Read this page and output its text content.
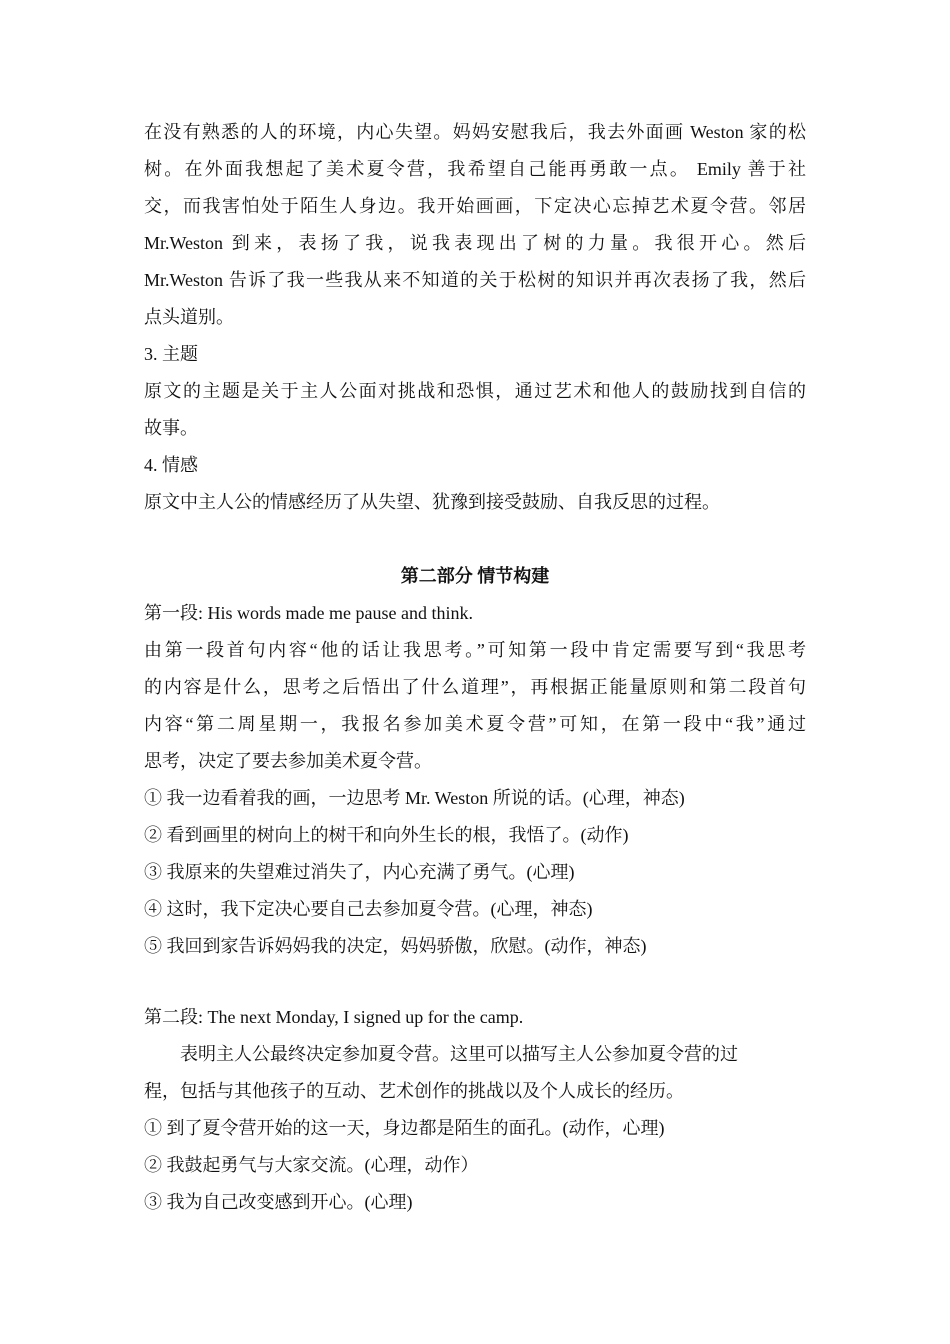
在没有熟悉的人的环境，内心失望。妈妈安慰我后，我去外面画 Weston 家的松

树。在外面我想起了美术夏令营，我希望自己能再勇敢一点。 Emily 善于社

交，而我害怕处于陌生人身边。我开始画画，下定决心忘掉艺术夏令营。邻居

Mr.Weston 到来，表扬了我，说我表现出了树的力量。我很开心。然后

Mr.Weston 告诉了我一些我从来不知道的关于松树的知识并再次表扬了我，然后

点头道别。

3. 主题

原文的主题是关于主人公面对挑战和恐惧，通过艺术和他人的鼓励找到自信的

故事。

4. 情感

原文中主人公的情感经历了从失望、犹豫到接受鼓励、自我反思的过程。

第二部分 情节构建

第一段: His words made me pause and think.

由第一段首句内容“他的话让我思考。”可知第一段中肯定需要写到“我思考

的内容是什么，思考之后悟出了什么道理”，再根据正能量原则和第二段首句

内容“第二周星期一，我报名参加美术夏令营”可知，在第一段中“我”通过

思考，决定了要去参加美术夏令营。

① 我一边看着我的画，一边思考 Mr. Weston 所说的话。(心理，神态)

② 看到画里的树向上的树干和向外生长的根，我悟了。(动作)

③ 我原来的失望难过消失了，内心充满了勇气。(心理)

④ 这时，我下定决心要自己去参加夏令营。(心理，神态)

⑤ 我回到家告诉妈妈我的决定，妈妈骄傲，欣慰。(动作，神态)

第二段: The next Monday, I signed up for the camp.

表明主人公最终决定参加夏令营。这里可以描写主人公参加夏令营的过

程，包括与其他孩子的互动、艺术创作的挑战以及个人成长的经历。

① 到了夏令营开始的这一天，身边都是陌生的面孔。(动作，心理)

② 我鼓起勇气与大家交流。(心理，动作）

③ 我为自己改变感到开心。(心理)
